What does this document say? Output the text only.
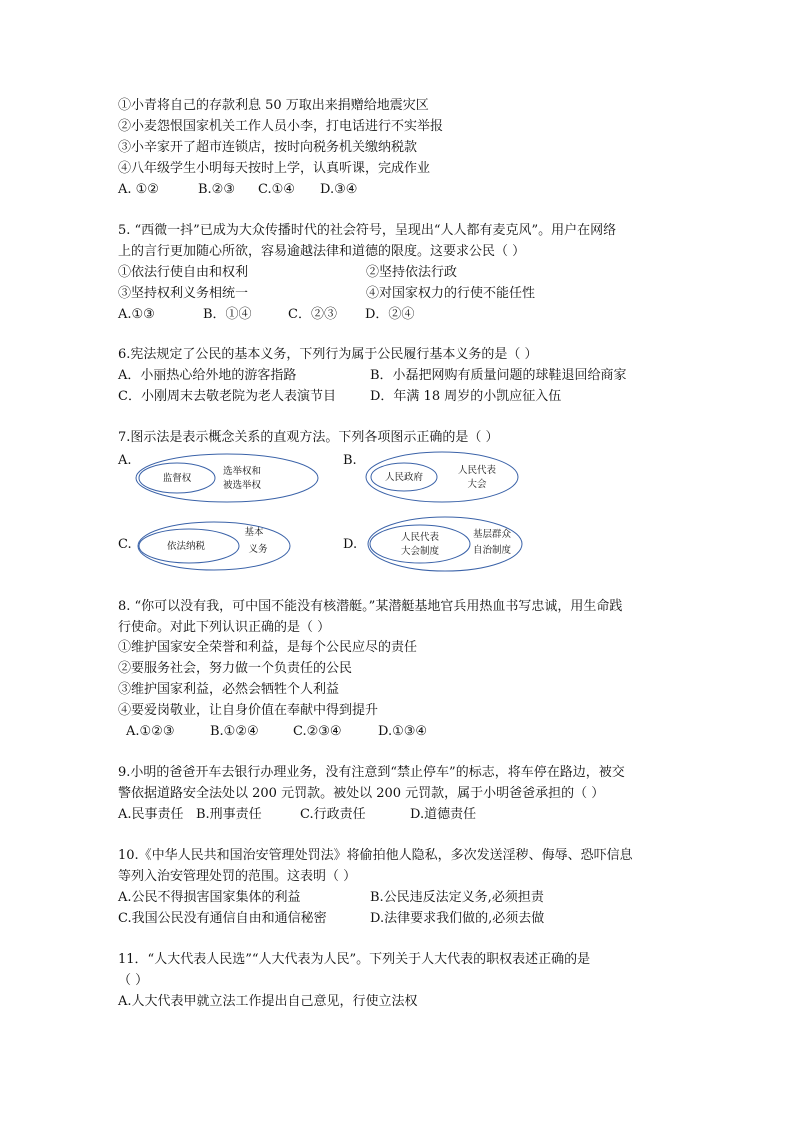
①小青将自己的存款利息 50 万取出来捐赠给地震灾区
②小麦怨恨国家机关工作人员小李，打电话进行不实举报
③小辛家开了超市连锁店，按时向税务机关缴纳税款
④八年级学生小明每天按时上学，认真听课，完成作业
A. ①②	B.②③ C.①④ D.③④
5. “西微一抖”已成为大众传播时代的社会符号，呈现出“人人都有麦克风”。用户在网络
上的言行更加随心所欲，容易逾越法律和道德的限度。这要求公民（ ）
①依法行使自由和权利	②坚持依法行政
③坚持权利义务相统一	④对国家权力的行使不能任性
A.①③	B．①④	C．②③ D．②④
6.宪法规定了公民的基本义务，下列行为属于公民履行基本义务的是（ ）
A．小丽热心给外地的游客指路	B．小磊把网购有质量问题的球鞋退回给商家
C．小刚周末去敬老院为老人表演节目	D．年满 18 周岁的小凯应征入伍
7.图示法是表示概念关系的直观方法。下列各项图示正确的是（ ）
A.
监督权
选举权和
被选举权
B.
人民政府
人民代表
大会
C.	依法纳税
基本
义务	D.	人民代表
大会制度
基层群众
自治制度
8. “你可以没有我，可中国不能没有核潜艇。”某潜艇基地官兵用热血书写忠诚，用生命践
行使命。对此下列认识正确的是（ ）
①维护国家安全荣誉和利益，是每个公民应尽的责任
②要服务社会，努力做一个负责任的公民
③维护国家利益，必然会牺牲个人利益
④要爱岗敬业，让自身价值在奉献中得到提升
A.①②③	B.①②④	C.②③④	D.①③④
9.小明的爸爸开车去银行办理业务，没有注意到“禁止停车”的标志，将车停在路边，被交
警依据道路安全法处以 200 元罚款。被处以 200 元罚款，属于小明爸爸承担的（ ）
A.民事责任 B.刑事责任	C.行政责任	D.道德责任
10.《中华人民共和国治安管理处罚法》将偷拍他人隐私，多次发送淫秽、侮辱、恐吓信息
等列入治安管理处罚的范围。这表明（ ）
A.公民不得损害国家集体的利益	B.公民违反法定义务,必须担责
C.我国公民没有通信自由和通信秘密	D.法律要求我们做的,必须去做
11．“人大代表人民选”“人大代表为人民”。下列关于人大代表的职权表述正确的是
（ ）
A.人大代表甲就立法工作提出自己意见，行使立法权
